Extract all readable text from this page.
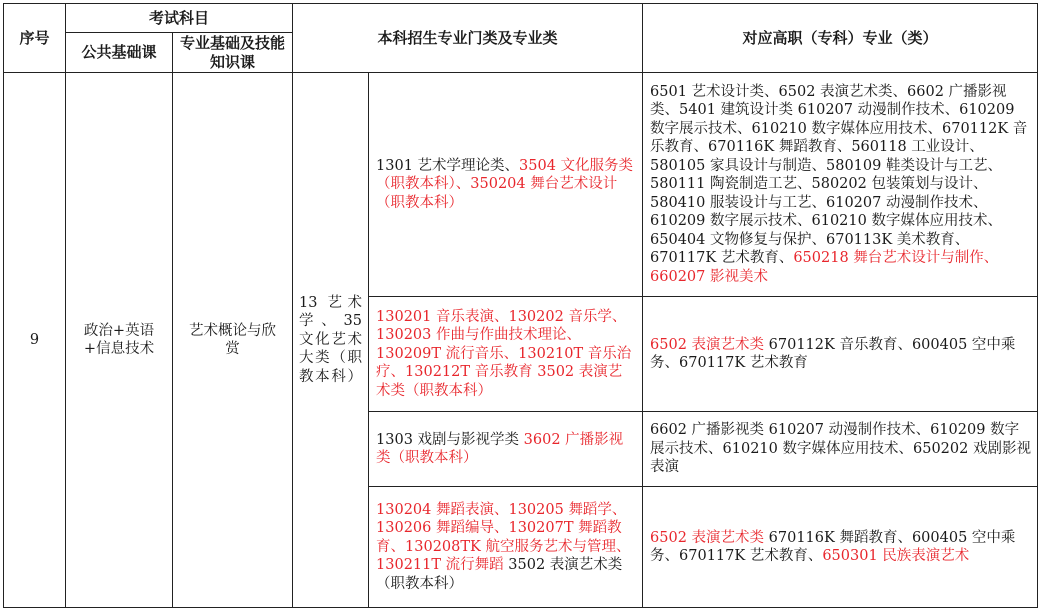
序号	考试科目		本科招生专业门类及专业类		对应高职（专科）专业（类）
	公共基础课	专业基础及技能知识课			
9	政治+英语+信息技术	艺术概论与欣赏	13 艺术学、35 文化艺术大类（职教本科）	1301 艺术学理论类、3504 文化服务类（职教本科）、350204 舞台艺术设计（职教本科）	6501 艺术设计类、6502 表演艺术类、6602 广播影视类、5401 建筑设计类 610207 动漫制作技术、610209 数字展示技术、610210 数字媒体应用技术、670112K 音乐教育、670116K 舞蹈教育、560118 工业设计、580105 家具设计与制造、580109 鞋类设计与工艺、580111 陶瓷制造工艺、580202 包装策划与设计、580410 服装设计与工艺、610207 动漫制作技术、610209 数字展示技术、610210 数字媒体应用技术、650404 文物修复与保护、670113K 美术教育、670117K 艺术教育、650218 舞台艺术设计与制作、660207 影视美术
				130201 音乐表演、130202 音乐学、130203 作曲与作曲技术理论、130209T 流行音乐、130210T 音乐治疗、130212T 音乐教育 3502 表演艺术类（职教本科）	6502 表演艺术类 670112K 音乐教育、600405 空中乘务、670117K 艺术教育
				1303 戏剧与影视学类 3602 广播影视类（职教本科）	6602 广播影视类 610207 动漫制作技术、610209 数字展示技术、610210 数字媒体应用技术、650202 戏剧影视表演
				130204 舞蹈表演、130205 舞蹈学、130206 舞蹈编导、130207T 舞蹈教育、130208TK 航空服务艺术与管理、130211T 流行舞蹈 3502 表演艺术类（职教本科）	6502 表演艺术类 670116K 舞蹈教育、600405 空中乘务、670117K 艺术教育、650301 民族表演艺术
